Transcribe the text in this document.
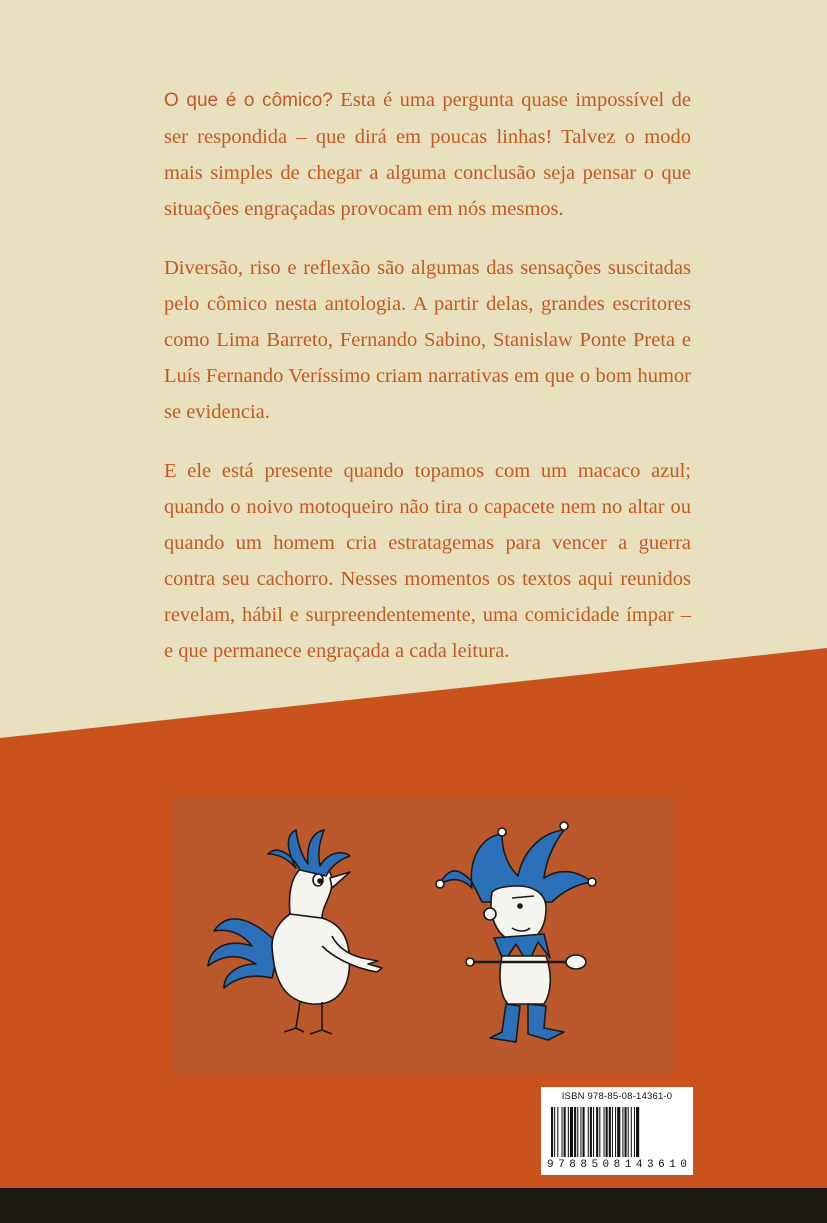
O que é o cômico? Esta é uma pergunta quase impossível de ser respondida – que dirá em poucas linhas! Talvez o modo mais simples de chegar a alguma conclusão seja pensar o que situações engraçadas provocam em nós mesmos.

Diversão, riso e reflexão são algumas das sensações suscitadas pelo cômico nesta antologia. A partir delas, grandes escritores como Lima Barreto, Fernando Sabino, Stanislaw Ponte Preta e Luís Fernando Veríssimo criam narrativas em que o bom humor se evidencia.

E ele está presente quando topamos com um macaco azul; quando o noivo motoqueiro não tira o capacete nem no altar ou quando um homem cria estratagemas para vencer a guerra contra seu cachorro. Nesses momentos os textos aqui reunidos revelam, hábil e surpreendentemente, uma comicidade ímpar – e que permanece engraçada a cada leitura.

ISBN 978-85-08-14361-0
9 7 8 8 5 0 8 1 4 3 6 1 0
